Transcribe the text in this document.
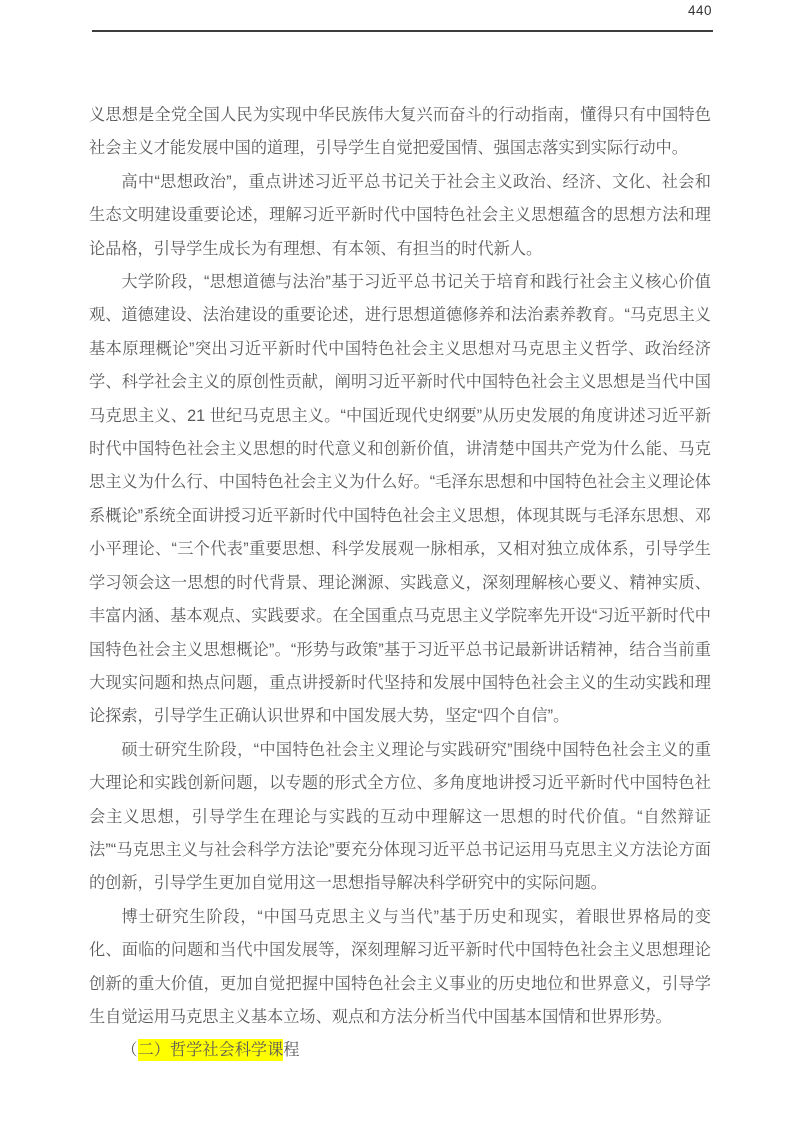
440

义思想是全党全国人民为实现中华民族伟大复兴而奋斗的行动指南，懂得只有中国特色社会主义才能发展中国的道理，引导学生自觉把爱国情、强国志落实到实际行动中。

高中“思想政治”，重点讲述习近平总书记关于社会主义政治、经济、文化、社会和生态文明建设重要论述，理解习近平新时代中国特色社会主义思想蕴含的思想方法和理论品格，引导学生成长为有理想、有本领、有担当的时代新人。

大学阶段，“思想道德与法治”基于习近平总书记关于培育和践行社会主义核心价值观、道德建设、法治建设的重要论述，进行思想道德修养和法治素养教育。“马克思主义基本原理概论”突出习近平新时代中国特色社会主义思想对马克思主义哲学、政治经济学、科学社会主义的原创性贡献，阐明习近平新时代中国特色社会主义思想是当代中国马克思主义、21 世纪马克思主义。“中国近现代史纲要”从历史发展的角度讲述习近平新时代中国特色社会主义思想的时代意义和创新价值，讲清楚中国共产党为什么能、马克思主义为什么行、中国特色社会主义为什么好。“毛泽东思想和中国特色社会主义理论体系概论”系统全面讲授习近平新时代中国特色社会主义思想，体现其既与毛泽东思想、邓小平理论、“三个代表”重要思想、科学发展观一脉相承，又相对独立成体系，引导学生学习领会这一思想的时代背景、理论渊源、实践意义，深刻理解核心要义、精神实质、丰富内涵、基本观点、实践要求。在全国重点马克思主义学院率先开设“习近平新时代中国特色社会主义思想概论”。“形势与政策”基于习近平总书记最新讲话精神，结合当前重大现实问题和热点问题，重点讲授新时代坚持和发展中国特色社会主义的生动实践和理论探索，引导学生正确认识世界和中国发展大势，坚定“四个自信”。

硕士研究生阶段，“中国特色社会主义理论与实践研究”围绕中国特色社会主义的重大理论和实践创新问题，以专题的形式全方位、多角度地讲授习近平新时代中国特色社会主义思想，引导学生在理论与实践的互动中理解这一思想的时代价值。“自然辩证法”“马克思主义与社会科学方法论”要充分体现习近平总书记运用马克思主义方法论方面的创新，引导学生更加自觉用这一思想指导解决科学研究中的实际问题。

博士研究生阶段，“中国马克思主义与当代”基于历史和现实，着眼世界格局的变化、面临的问题和当代中国发展等，深刻理解习近平新时代中国特色社会主义思想理论创新的重大价值，更加自觉把握中国特色社会主义事业的历史地位和世界意义，引导学生自觉运用马克思主义基本立场、观点和方法分析当代中国基本国情和世界形势。

（二）哲学社会科学课程
